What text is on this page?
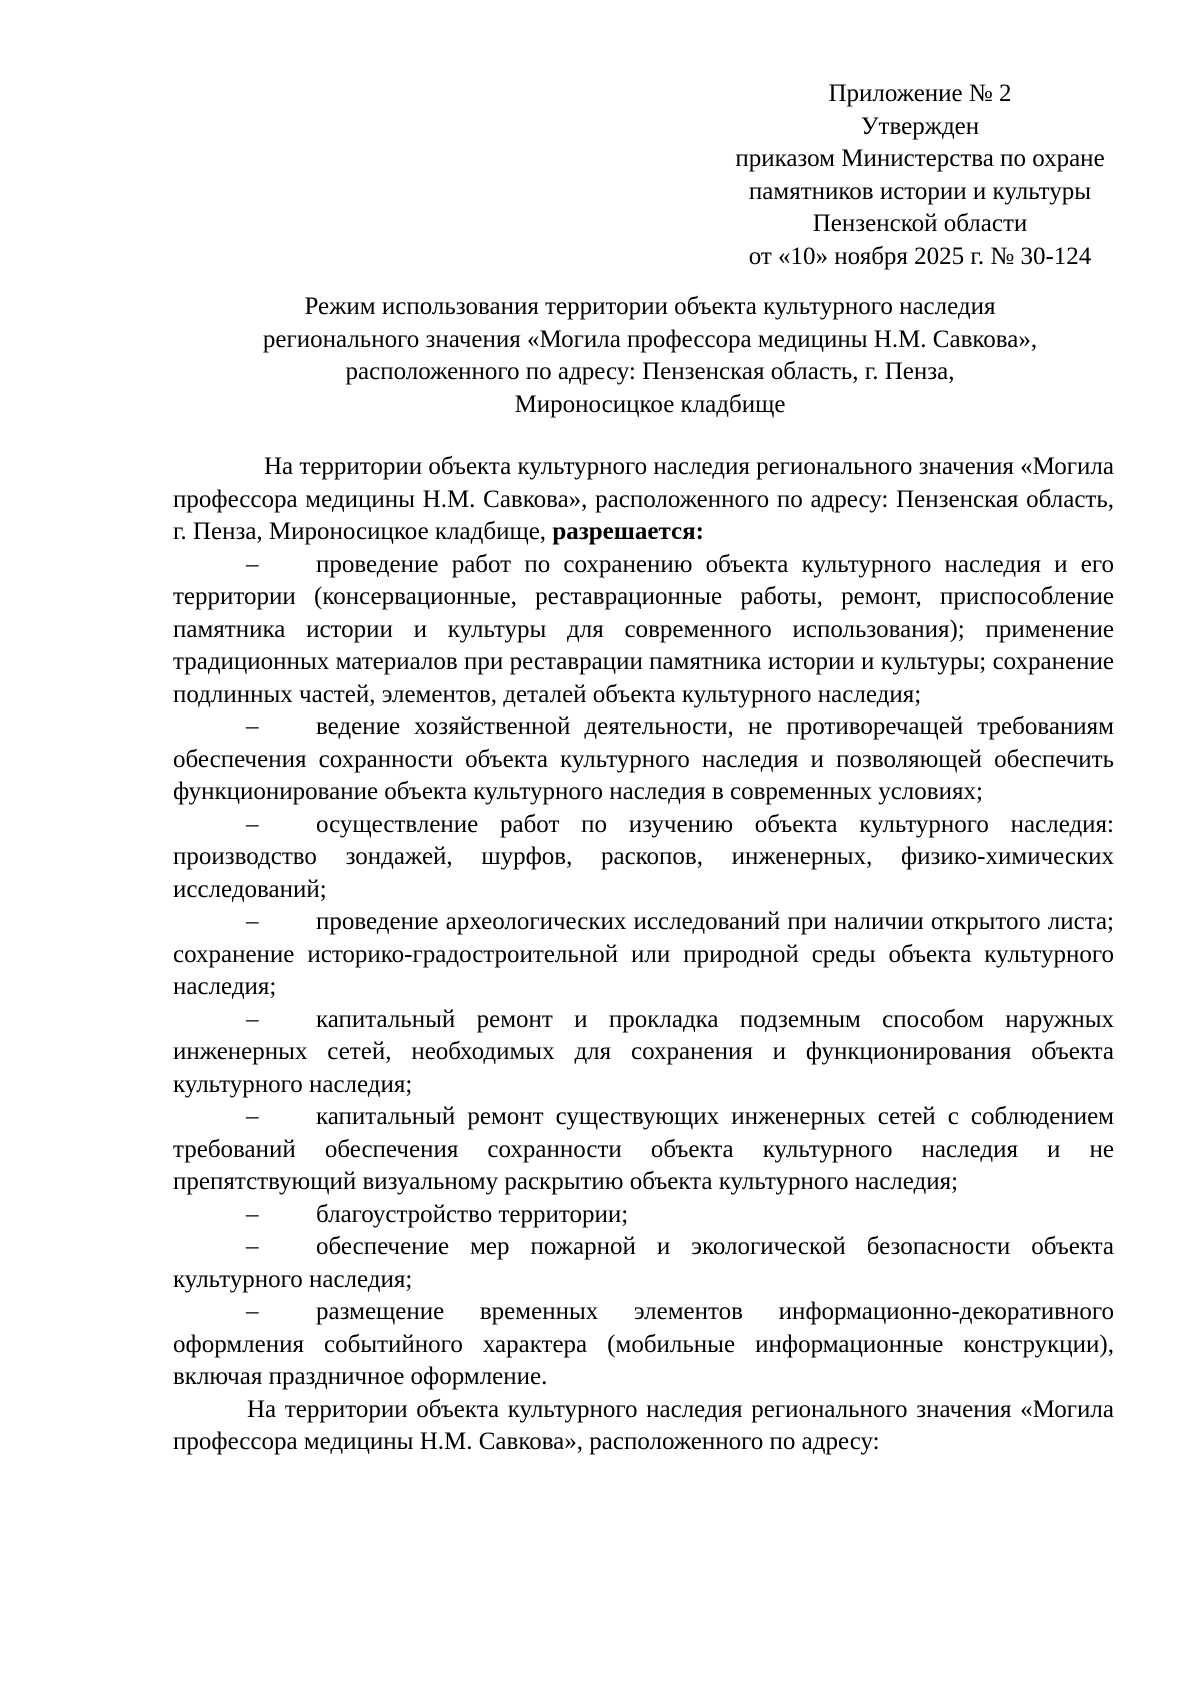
Приложение № 2
Утвержден
приказом Министерства по охране
памятников истории и культуры
Пензенской области
от «10» ноября 2025 г. № 30-124
Режим использования территории объекта культурного наследия
регионального значения «Могила профессора медицины Н.М. Савкова»,
расположенного по адресу: Пензенская область, г. Пенза,
Мироносицкое кладбище

На территории объекта культурного наследия регионального значения «Могила профессора медицины Н.М. Савкова», расположенного по адресу: Пензенская область, г. Пенза, Мироносицкое кладбище, разрешается:

– проведение работ по сохранению объекта культурного наследия и его территории (консервационные, реставрационные работы, ремонт, приспособление памятника истории и культуры для современного использования); применение традиционных материалов при реставрации памятника истории и культуры; сохранение подлинных частей, элементов, деталей объекта культурного наследия;

– ведение хозяйственной деятельности, не противоречащей требованиям обеспечения сохранности объекта культурного наследия и позволяющей обеспечить функционирование объекта культурного наследия в современных условиях;

– осуществление работ по изучению объекта культурного наследия: производство зондажей, шурфов, раскопов, инженерных, физико-химических исследований;

– проведение археологических исследований при наличии открытого листа; сохранение историко-градостроительной или природной среды объекта культурного наследия;

– капитальный ремонт и прокладка подземным способом наружных инженерных сетей, необходимых для сохранения и функционирования объекта культурного наследия;

– капитальный ремонт существующих инженерных сетей с соблюдением требований обеспечения сохранности объекта культурного наследия и не препятствующий визуальному раскрытию объекта культурного наследия;

– благоустройство территории;

– обеспечение мер пожарной и экологической безопасности объекта культурного наследия;

– размещение временных элементов информационно-декоративного оформления событийного характера (мобильные информационные конструкции), включая праздничное оформление.

На территории объекта культурного наследия регионального значения «Могила профессора медицины Н.М. Савкова», расположенного по адресу:
